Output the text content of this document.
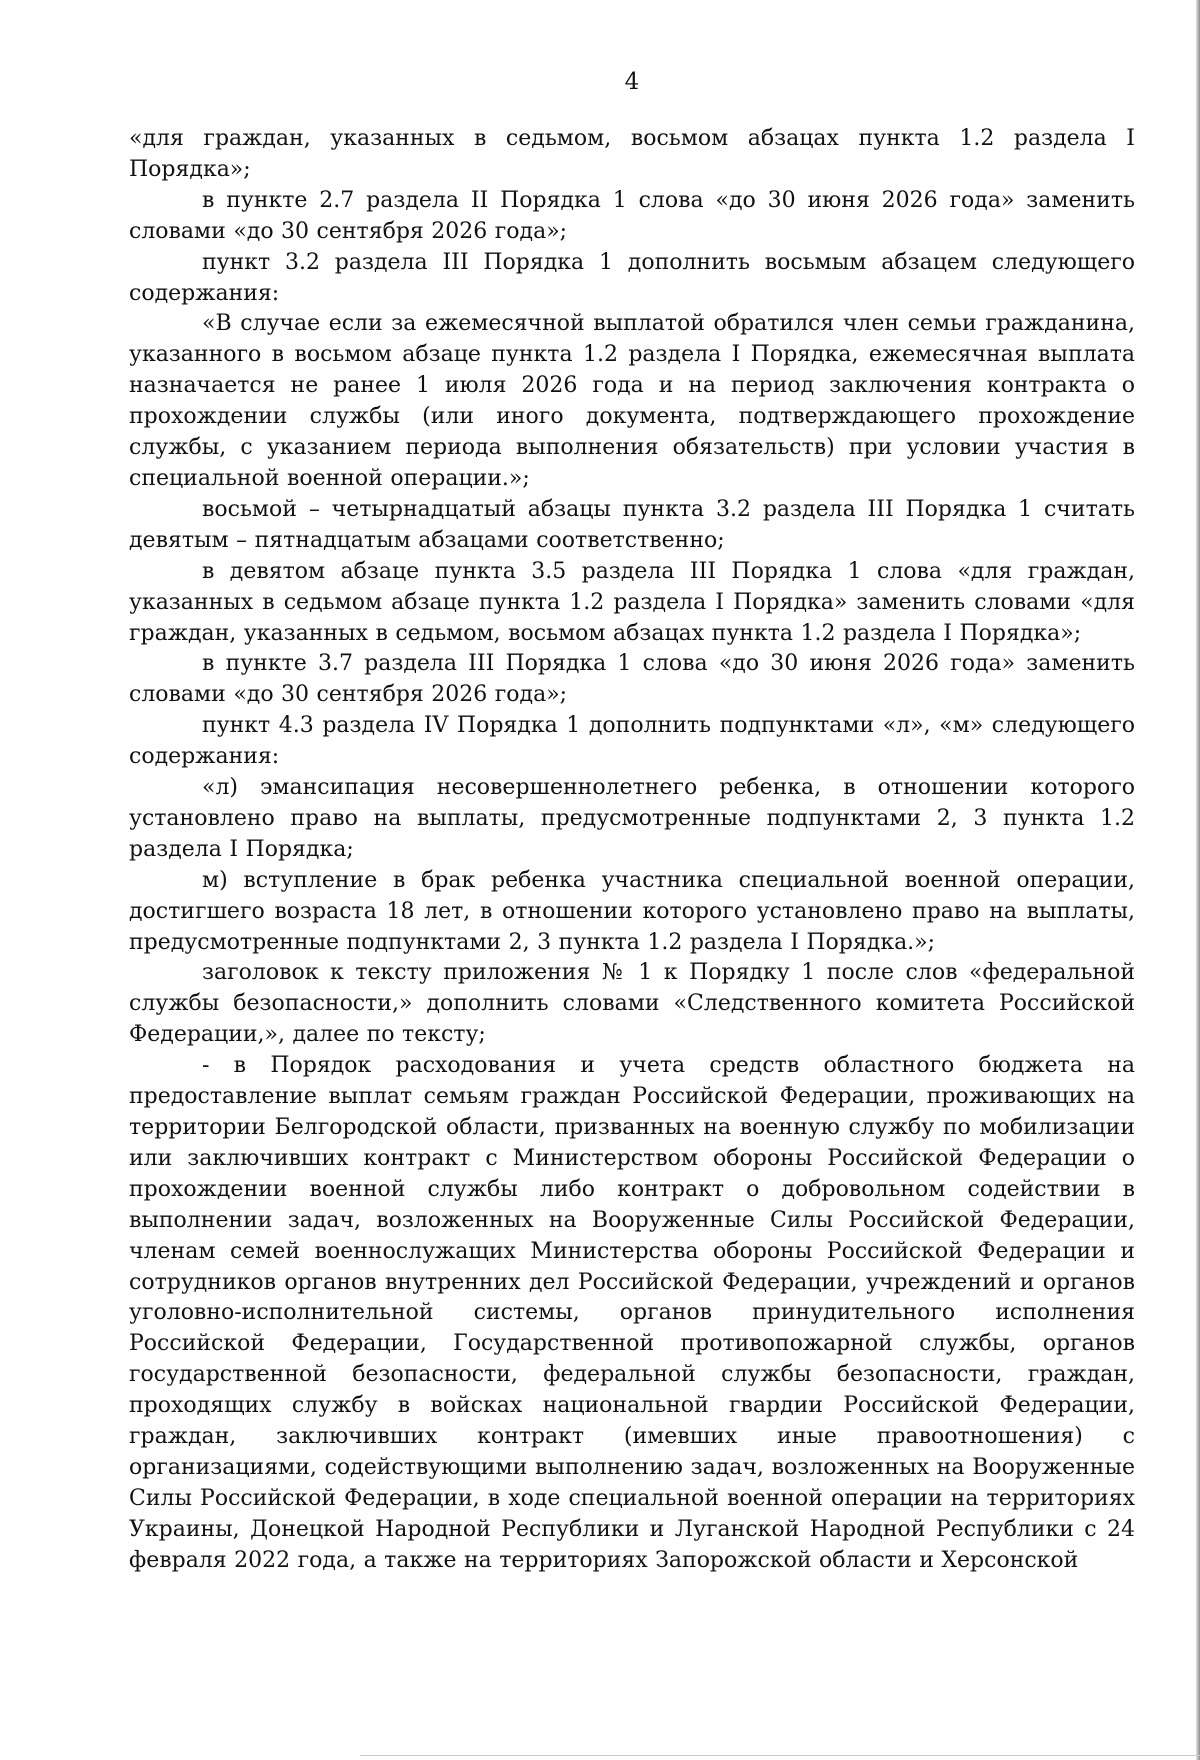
4

«для граждан, указанных в седьмом, восьмом абзацах пункта 1.2 раздела I Порядка»;

в пункте 2.7 раздела II Порядка 1 слова «до 30 июня 2026 года» заменить словами «до 30 сентября 2026 года»;

пункт 3.2 раздела III Порядка 1 дополнить восьмым абзацем следующего содержания:

«В случае если за ежемесячной выплатой обратился член семьи гражданина, указанного в восьмом абзаце пункта 1.2 раздела I Порядка, ежемесячная выплата назначается не ранее 1 июля 2026 года и на период заключения контракта о прохождении службы (или иного документа, подтверждающего прохождение службы, с указанием периода выполнения обязательств) при условии участия в специальной военной операции.»;

восьмой – четырнадцатый абзацы пункта 3.2 раздела III Порядка 1 считать девятым – пятнадцатым абзацами соответственно;

в девятом абзаце пункта 3.5 раздела III Порядка 1 слова «для граждан, указанных в седьмом абзаце пункта 1.2 раздела I Порядка» заменить словами «для граждан, указанных в седьмом, восьмом абзацах пункта 1.2 раздела I Порядка»;

в пункте 3.7 раздела III Порядка 1 слова «до 30 июня 2026 года» заменить словами «до 30 сентября 2026 года»;

пункт 4.3 раздела IV Порядка 1 дополнить подпунктами «л», «м» следующего содержания:

«л) эмансипация несовершеннолетнего ребенка, в отношении которого установлено право на выплаты, предусмотренные подпунктами 2, 3 пункта 1.2 раздела I Порядка;

м) вступление в брак ребенка участника специальной военной операции, достигшего возраста 18 лет, в отношении которого установлено право на выплаты, предусмотренные подпунктами 2, 3 пункта 1.2 раздела I Порядка.»;

заголовок к тексту приложения № 1 к Порядку 1 после слов «федеральной службы безопасности,» дополнить словами «Следственного комитета Российской Федерации,», далее по тексту;

- в Порядок расходования и учета средств областного бюджета на предоставление выплат семьям граждан Российской Федерации, проживающих на территории Белгородской области, призванных на военную службу по мобилизации или заключивших контракт с Министерством обороны Российской Федерации о прохождении военной службы либо контракт о добровольном содействии в выполнении задач, возложенных на Вооруженные Силы Российской Федерации, членам семей военнослужащих Министерства обороны Российской Федерации и сотрудников органов внутренних дел Российской Федерации, учреждений и органов уголовно-исполнительной системы, органов принудительного исполнения Российской Федерации, Государственной противопожарной службы, органов государственной безопасности, федеральной службы безопасности, граждан, проходящих службу в войсках национальной гвардии Российской Федерации, граждан, заключивших контракт (имевших иные правоотношения) с организациями, содействующими выполнению задач, возложенных на Вооруженные Силы Российской Федерации, в ходе специальной военной операции на территориях Украины, Донецкой Народной Республики и Луганской Народной Республики с 24 февраля 2022 года, а также на территориях Запорожской области и Херсонской
